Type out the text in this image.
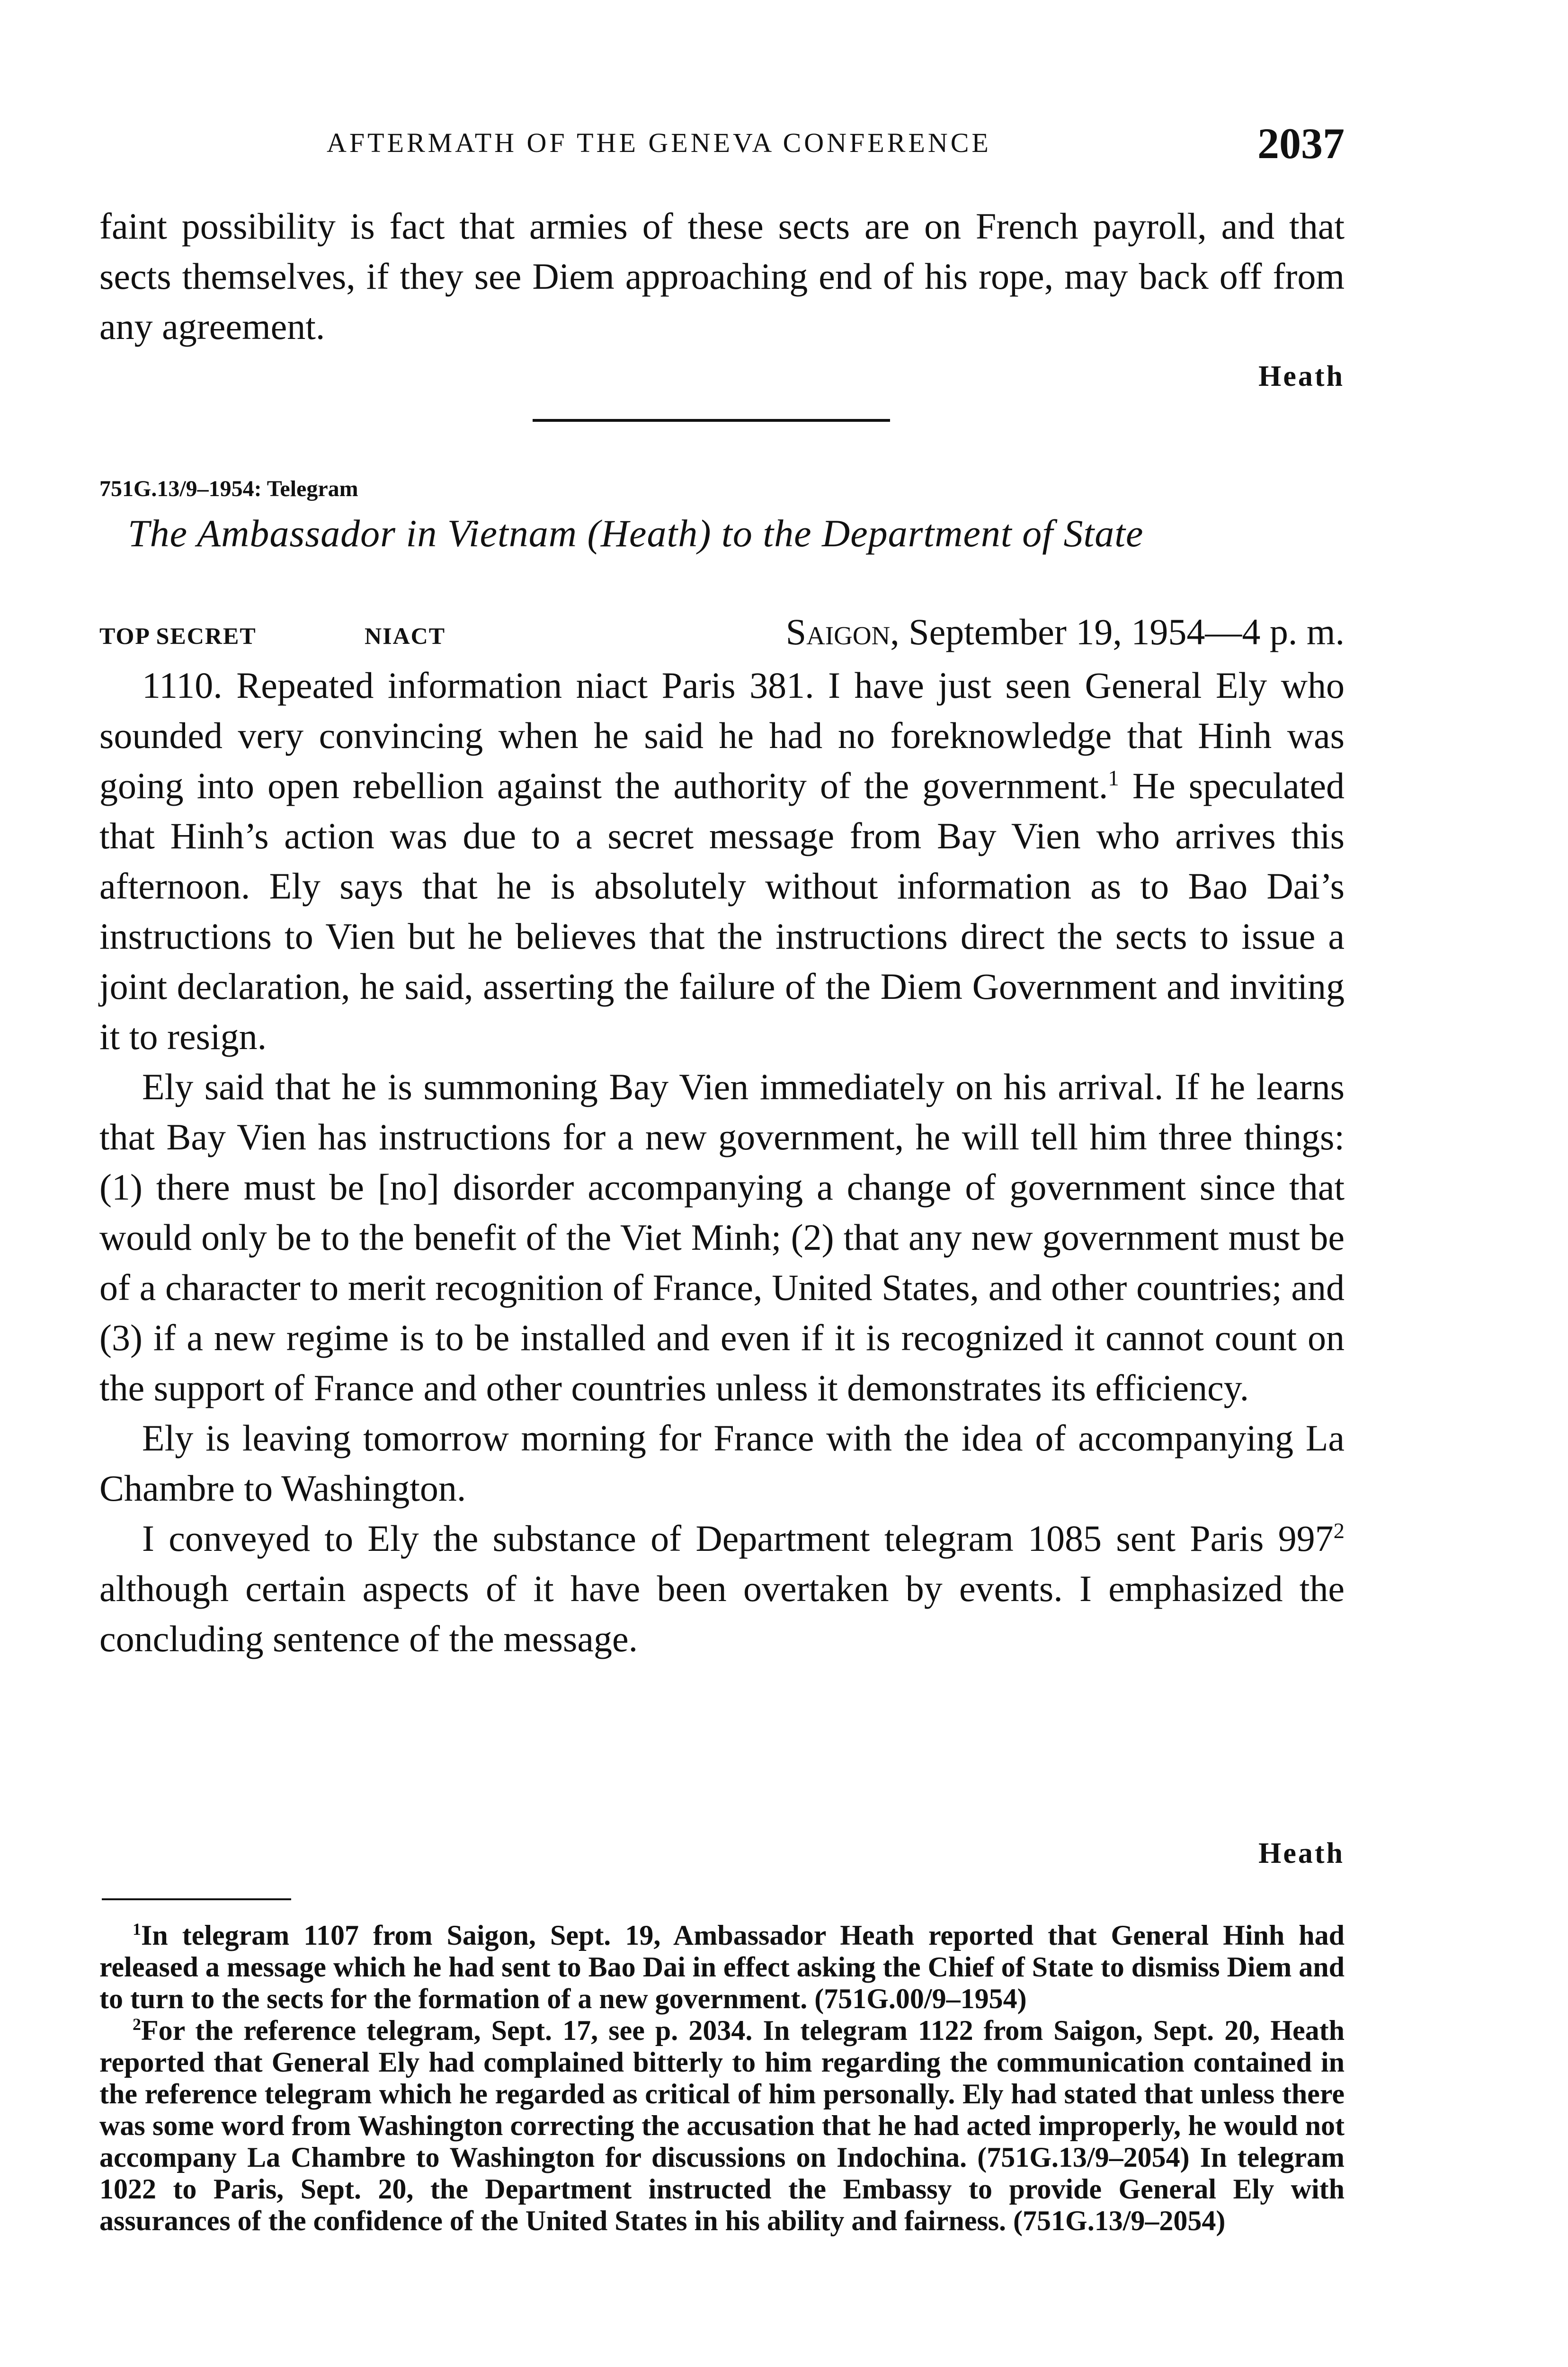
AFTERMATH OF THE GENEVA CONFERENCE	2037

faint possibility is fact that armies of these sects are on French payroll, and that sects themselves, if they see Diem approaching end of his rope, may back off from any agreement.

Heath
751G.13/9–1954: Telegram
The Ambassador in Vietnam (Heath) to the Department of State
TOP SECRET	NIACT	Saigon, September 19, 1954—4 p. m.

1110. Repeated information niact Paris 381. I have just seen General Ely who sounded very convincing when he said he had no foreknowledge that Hinh was going into open rebellion against the authority of the government.$^1$ He speculated that Hinh’s action was due to a secret message from Bay Vien who arrives this afternoon. Ely says that he is absolutely without information as to Bao Dai’s instructions to Vien but he believes that the instructions direct the sects to issue a joint declaration, he said, asserting the failure of the Diem Government and inviting it to resign.

Ely said that he is summoning Bay Vien immediately on his arrival. If he learns that Bay Vien has instructions for a new government, he will tell him three things: (1) there must be [no] disorder accompanying a change of government since that would only be to the benefit of the Viet Minh; (2) that any new government must be of a character to merit recognition of France, United States, and other countries; and (3) if a new regime is to be installed and even if it is recognized it cannot count on the support of France and other countries unless it demonstrates its efficiency.

Ely is leaving tomorrow morning for France with the idea of accompanying La Chambre to Washington.

I conveyed to Ely the substance of Department telegram 1085 sent Paris $997^2$ although certain aspects of it have been overtaken by events. I emphasized the concluding sentence of the message.

Heath

$^1$In telegram 1107 from Saigon, Sept. 19, Ambassador Heath reported that General Hinh had released a message which he had sent to Bao Dai in effect asking the Chief of State to dismiss Diem and to turn to the sects for the formation of a new government. (751G.00/9–1954)

$^2$For the reference telegram, Sept. 17, see p. 2034. In telegram 1122 from Saigon, Sept. 20, Heath reported that General Ely had complained bitterly to him regarding the communication contained in the reference telegram which he regarded as critical of him personally. Ely had stated that unless there was some word from Washington correcting the accusation that he had acted improperly, he would not accompany La Chambre to Washington for discussions on Indochina. (751G.13/9–2054) In telegram 1022 to Paris, Sept. 20, the Department instructed the Embassy to provide General Ely with assurances of the confidence of the United States in his ability and fairness. (751G.13/9–2054)
